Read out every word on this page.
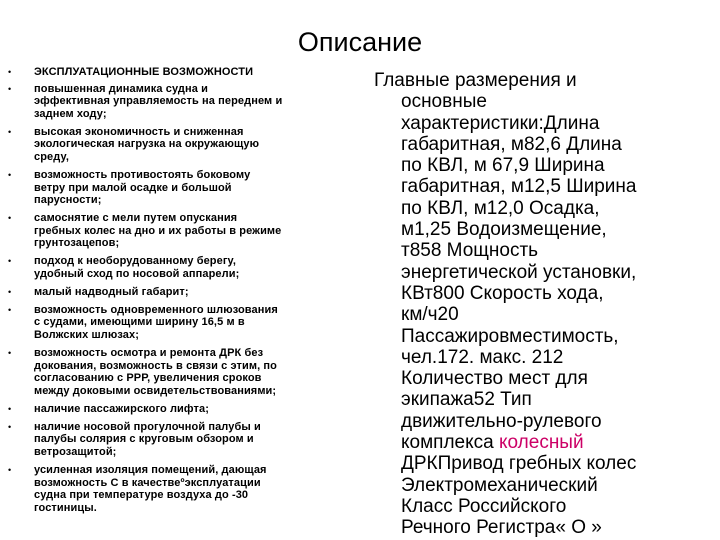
Описание
• ЭКСПЛУАТАЦИОННЫЕ ВОЗМОЖНОСТИ
• повышенная динамика судна и
эффективная управляемость на переднем и
заднем ходу;
• высокая экономичность и сниженная
экологическая нагрузка на окружающую
среду,
• возможность противостоять боковому
ветру при малой осадке и большой
парусности;
• самоснятие с мели путем опускания
гребных колес на дно и их работы в режиме
грунтозацепов;
• подход к необорудованному берегу,
удобный сход по носовой аппарели;
• малый надводный габарит;
• возможность одновременного шлюзования
с судами, имеющими ширину 16,5 м в
Волжских шлюзах;
• возможность осмотра и ремонта ДРК без
докования, возможность в связи с этим, по
согласованию с РРР, увеличения сроков
между доковыми освидетельствованиями;
• наличие пассажирского лифта;
• наличие носовой прогулочной палубы и
палубы солярия с круговым обзором и
ветрозащитой;
• усиленная изоляция помещений, дающая
возможность С в качествеºэксплуатации
судна при температуре воздуха до -30
гостиницы.
Главные размерения и
основные
характеристики:Длина
габаритная, м82,6 Длина
по КВЛ, м 67,9 Ширина
габаритная, м12,5 Ширина
по КВЛ, м12,0 Осадка,
м1,25 Водоизмещение,
т858 Мощность
энергетической установки,
КВт800 Скорость хода,
км/ч20
Пассажировместимость,
чел.172. макс. 212
Количество мест для
экипажа52 Тип
движительно-рулевого
комплекса колесный
ДРКПривод гребных колес
Электромеханический
Класс Российского
Речного Регистра« О »
